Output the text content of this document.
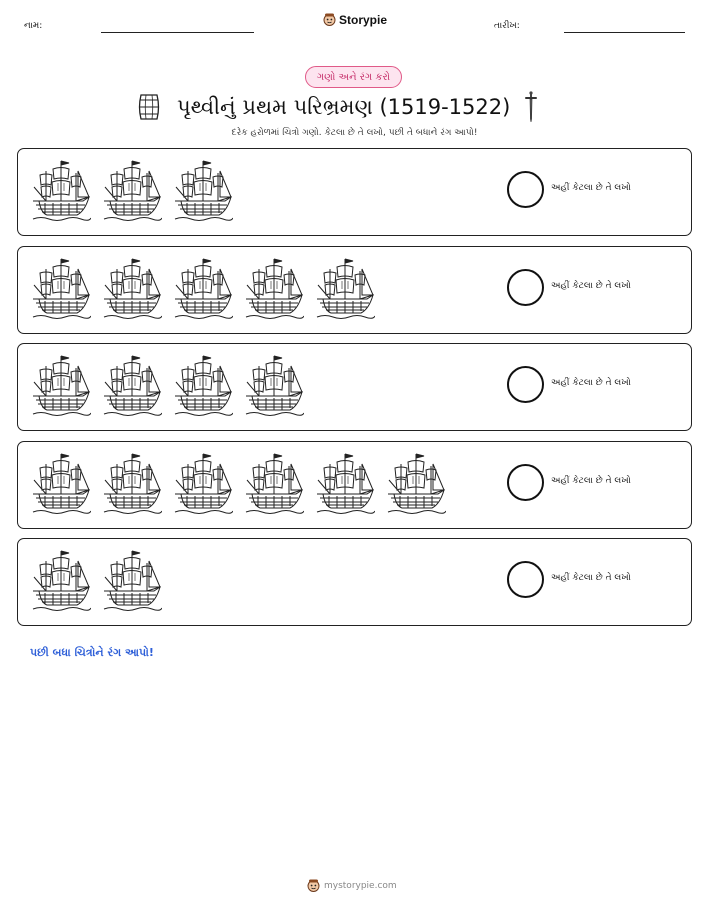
નામ:	Storypie	તારીખ:
ગણો અને રંગ કરો
પૃથ્વીનું પ્રથમ પરિભ્રમણ (1519-1522)
દરેક હરોળમાં ચિત્રો ગણો. કેટલા છે તે લખો, પછી તે બધાને રંગ આપો!
અહીં કેટલા છે તે લખો
અહીં કેટલા છે તે લખો
અહીં કેટલા છે તે લખો
અહીં કેટલા છે તે લખો
અહીં કેટલા છે તે લખો
પછી બધા ચિત્રોને રંગ આપો!
mystorypie.com
